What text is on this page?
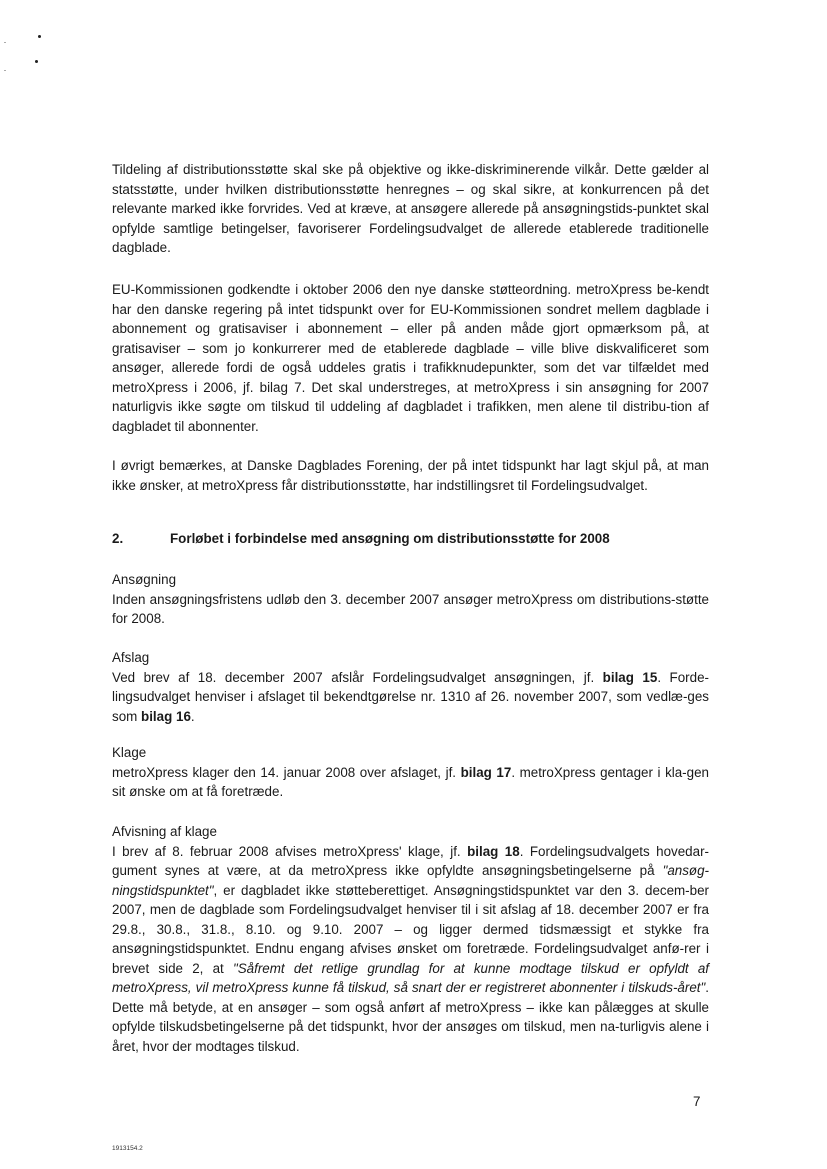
Tildeling af distributionsstøtte skal ske på objektive og ikke-diskriminerende vilkår. Dette gælder al statsstøtte, under hvilken distributionsstøtte henregnes – og skal sikre, at konkurrencen på det relevante marked ikke forvrides. Ved at kræve, at ansøgere allerede på ansøgningstids-punktet skal opfylde samtlige betingelser, favoriserer Fordelingsudvalget de allerede etablerede traditionelle dagblade.

EU-Kommissionen godkendte i oktober 2006 den nye danske støtteordning. metroXpress be-kendt har den danske regering på intet tidspunkt over for EU-Kommissionen sondret mellem dagblade i abonnement og gratisaviser i abonnement – eller på anden måde gjort opmærksom på, at gratisaviser – som jo konkurrerer med de etablerede dagblade – ville blive diskvalificeret som ansøger, allerede fordi de også uddeles gratis i trafikknudepunkter, som det var tilfældet med metroXpress i 2006, jf. bilag 7. Det skal understreges, at metroXpress i sin ansøgning for 2007 naturligvis ikke søgte om tilskud til uddeling af dagbladet i trafikken, men alene til distribu-tion af dagbladet til abonnenter.

I øvrigt bemærkes, at Danske Dagblades Forening, der på intet tidspunkt har lagt skjul på, at man ikke ønsker, at metroXpress får distributionsstøtte, har indstillingsret til Fordelingsudvalget.

2.	Forløbet i forbindelse med ansøgning om distributionsstøtte for 2008
Ansøgning

Inden ansøgningsfristens udløb den 3. december 2007 ansøger metroXpress om distributions-støtte for 2008.

Afslag

Ved brev af 18. december 2007 afslår Fordelingsudvalget ansøgningen, jf. bilag 15. Forde-lingsudvalget henviser i afslaget til bekendtgørelse nr. 1310 af 26. november 2007, som vedlæ-ges som bilag 16.

Klage

metroXpress klager den 14. januar 2008 over afslaget, jf. bilag 17. metroXpress gentager i kla-gen sit ønske om at få foretræde.

Afvisning af klage

I brev af 8. februar 2008 afvises metroXpress' klage, jf. bilag 18. Fordelingsudvalgets hovedar-gument synes at være, at da metroXpress ikke opfyldte ansøgningsbetingelserne på "ansøg-ningstidspunktet", er dagbladet ikke støtteberettiget. Ansøgningstidspunktet var den 3. decem-ber 2007, men de dagblade som Fordelingsudvalget henviser til i sit afslag af 18. december 2007 er fra 29.8., 30.8., 31.8., 8.10. og 9.10. 2007 – og ligger dermed tidsmæssigt et stykke fra ansøgningstidspunktet. Endnu engang afvises ønsket om foretræde. Fordelingsudvalget anfø-rer i brevet side 2, at "Såfremt det retlige grundlag for at kunne modtage tilskud er opfyldt af metroXpress, vil metroXpress kunne få tilskud, så snart der er registreret abonnenter i tilskuds-året". Dette må betyde, at en ansøger – som også anført af metroXpress – ikke kan pålægges at skulle opfylde tilskudsbetingelserne på det tidspunkt, hvor der ansøges om tilskud, men na-turligvis alene i året, hvor der modtages tilskud.

7
1913154.2
